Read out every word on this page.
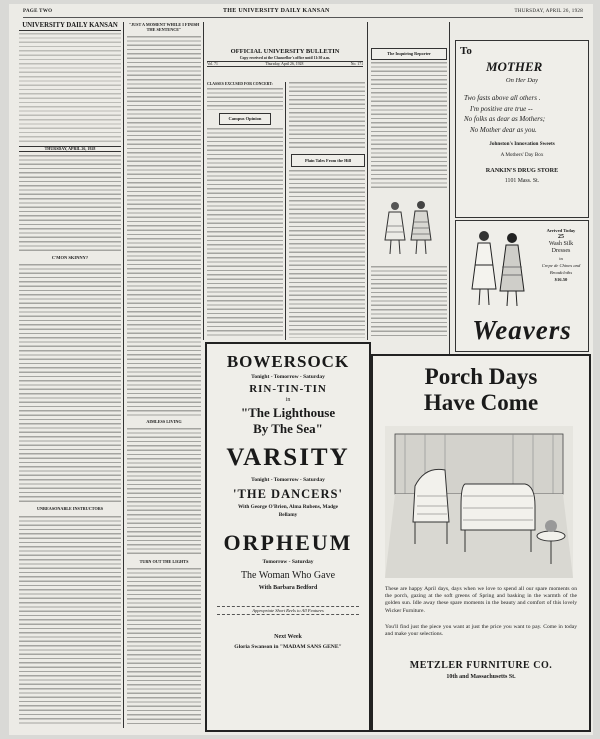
PAGE TWO	THE UNIVERSITY DAILY KANSAN	THURSDAY, APRIL 26, 1928
UNIVERSITY DAILY KANSAN
THURSDAY, APRIL 26, 1928
C'MON SKINNY?
UNREASONABLE INSTRUCTORS
"JUST A MOMENT WHILE I FINISH THE SENTENCE"
AIMLESS LIVING
TURN OUT THE LIGHTS
OFFICIAL UNIVERSITY BULLETIN
Copy received at the Chancellor's office until 11:30 a.m.
Vol. 71	Thursday, April 26, 1928	No. 171
CLASSES EXCUSED FOR CONCERT:
Campus Opinion
Plain Tales From the Hill
The Inquiring Reporter	To
MOTHER
On Her Day
Two fasts above all others .
I'm positive are true --
No folks as dear as Mothers;
No Mother dear as you.
Johnston's Innovation Sweets
A Mothers' Day Box
RANKIN'S DRUG STORE
1101 Mass. St.
Arrived Today
25
Wash Silk
Dresses
in
Crepe de Chines and
Broadcloths
$16.50
Weavers
BOWERSOCK
Tonight - Tomorrow - Saturday
RIN-TIN-TIN
in
"The Lighthouse
By The Sea"
VARSITY
Tonight - Tomorrow - Saturday
'THE DANCERS'
With George O'Brien, Alma Rubens, Madge
Bellamy
ORPHEUM
Tomorrow - Saturday
The Woman Who Gave
With Barbara Bedford
Appropriate Short Reels to All Features
Next Week
Gloria Swanson in "MADAM SANS GENE"
Porch Days
Have Come
These are happy April days, days when we love to spend all our spare moments on the porch, gazing at the soft greens of Spring and basking in the warmth of the golden sun. Idle away these spare moments in the beauty and comfort of this lovely Wicker Furniture.
You'll find just the piece you want at just the price you want to pay. Come in today and make your selections.
METZLER FURNITURE CO.
10th and Massachusetts St.
